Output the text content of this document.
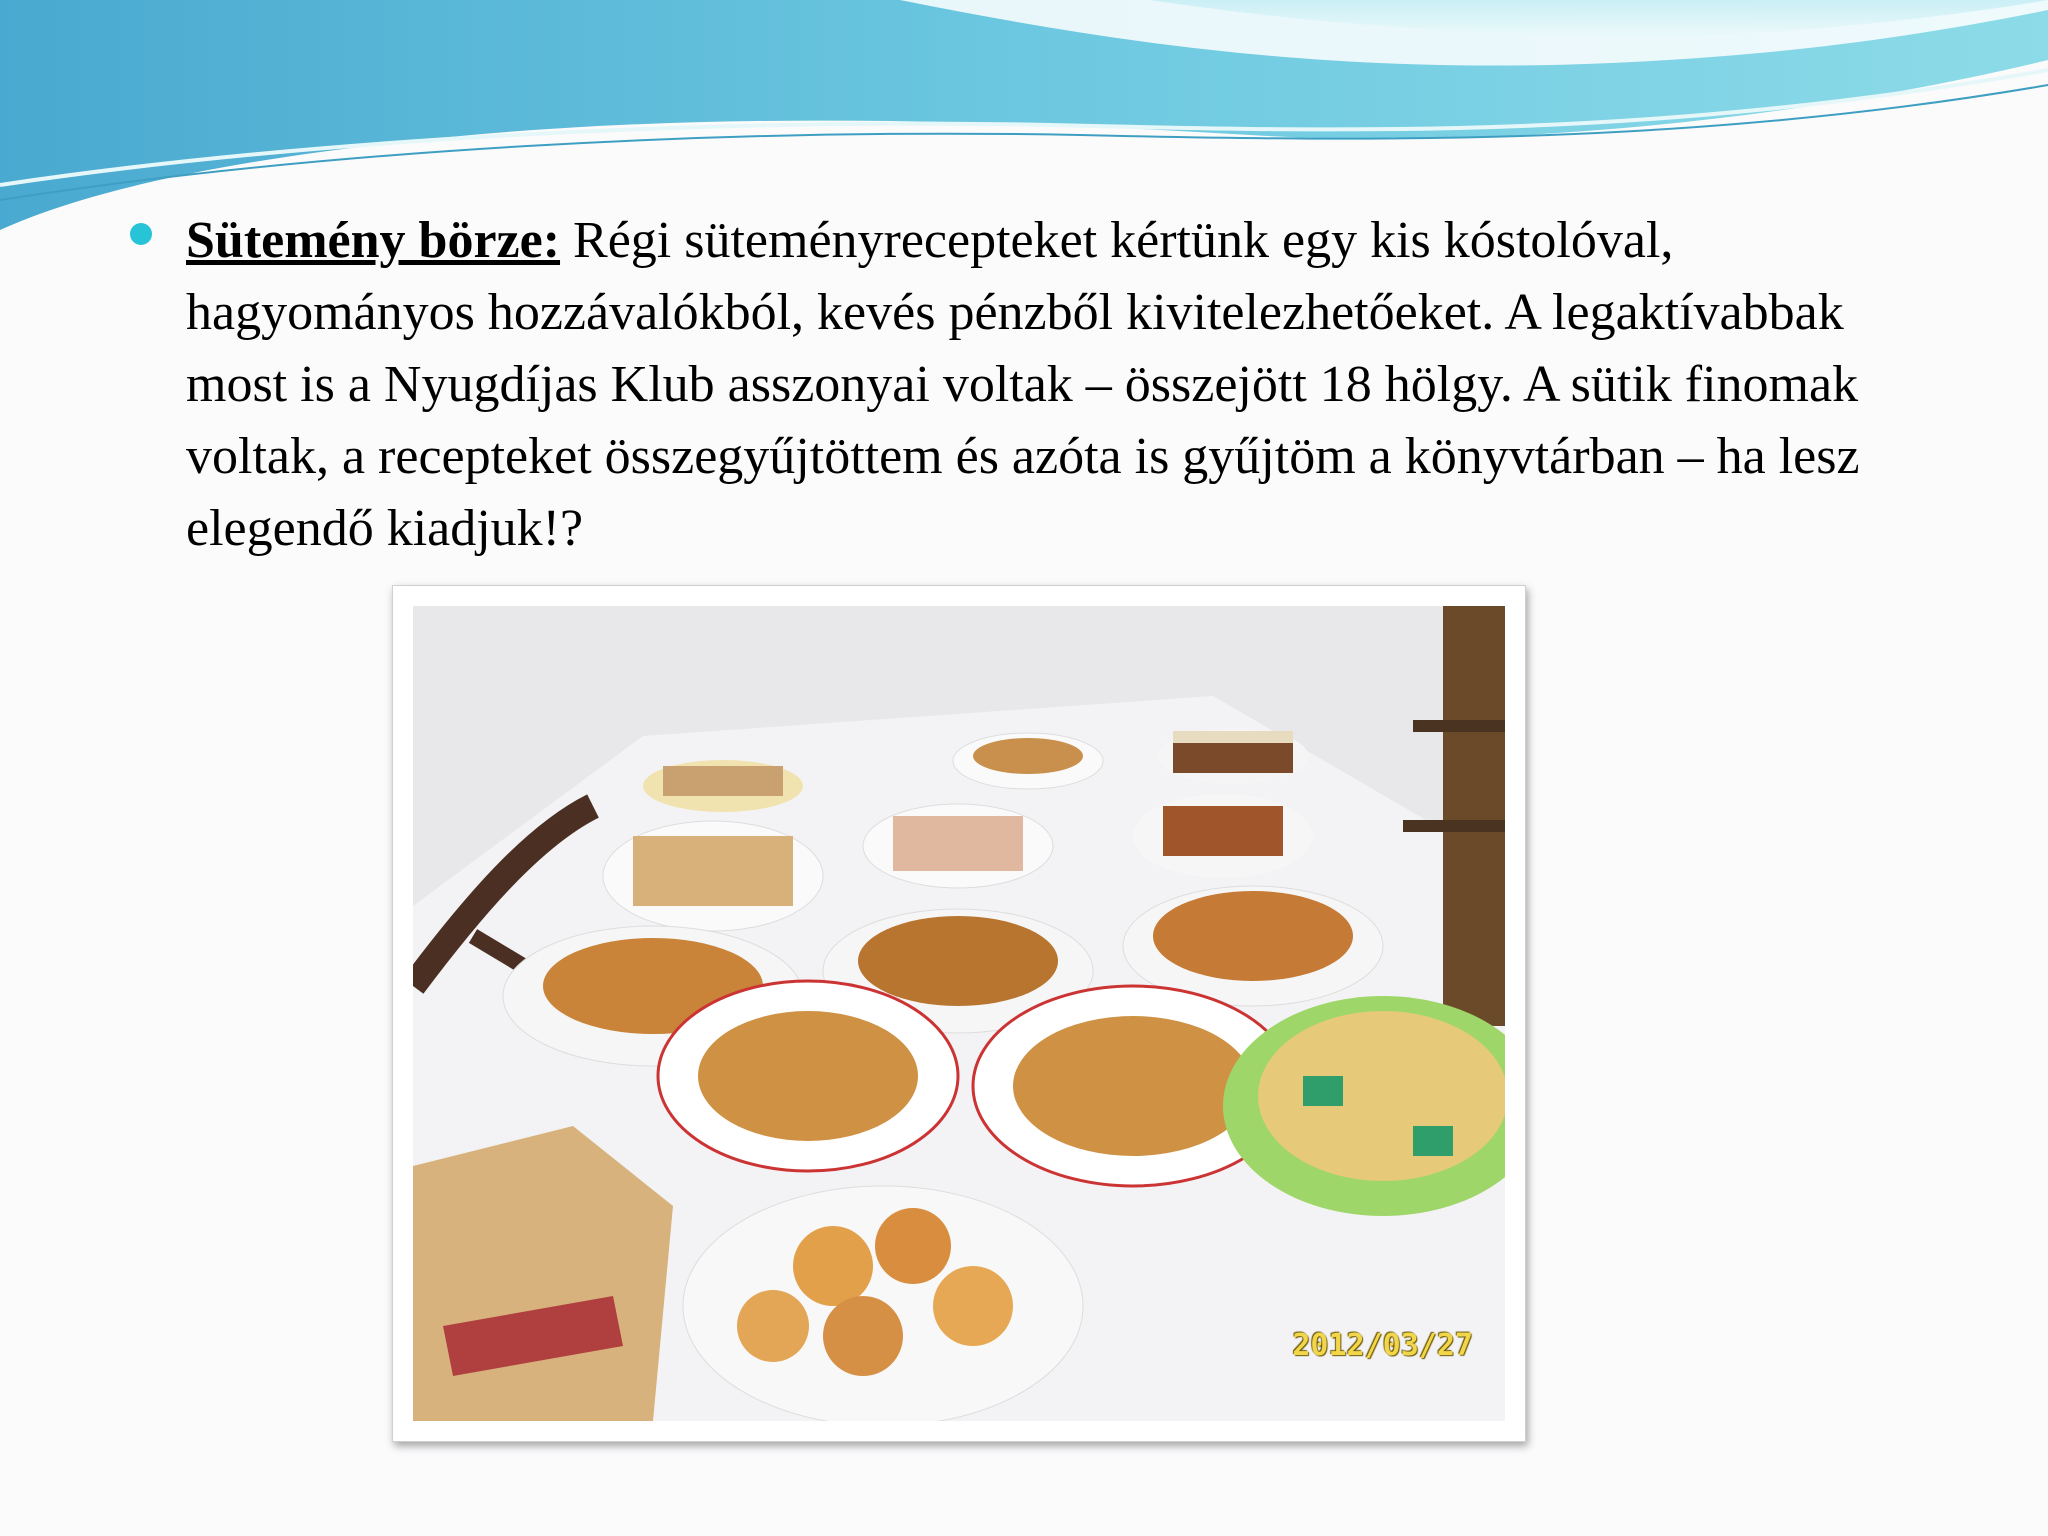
Sütemény börze: Régi süteményrecepteket kértünk egy kis kóstolóval, hagyományos hozzávalókból, kevés pénzből kivitelezhetőeket. A legaktívabbak most is a Nyugdíjas Klub asszonyai voltak – összejött 18 hölgy. A sütik finomak voltak, a recepteket összegyűjtöttem és azóta is gyűjtöm a könyvtárban – ha lesz elegendő kiadjuk!?
2012/03/27
